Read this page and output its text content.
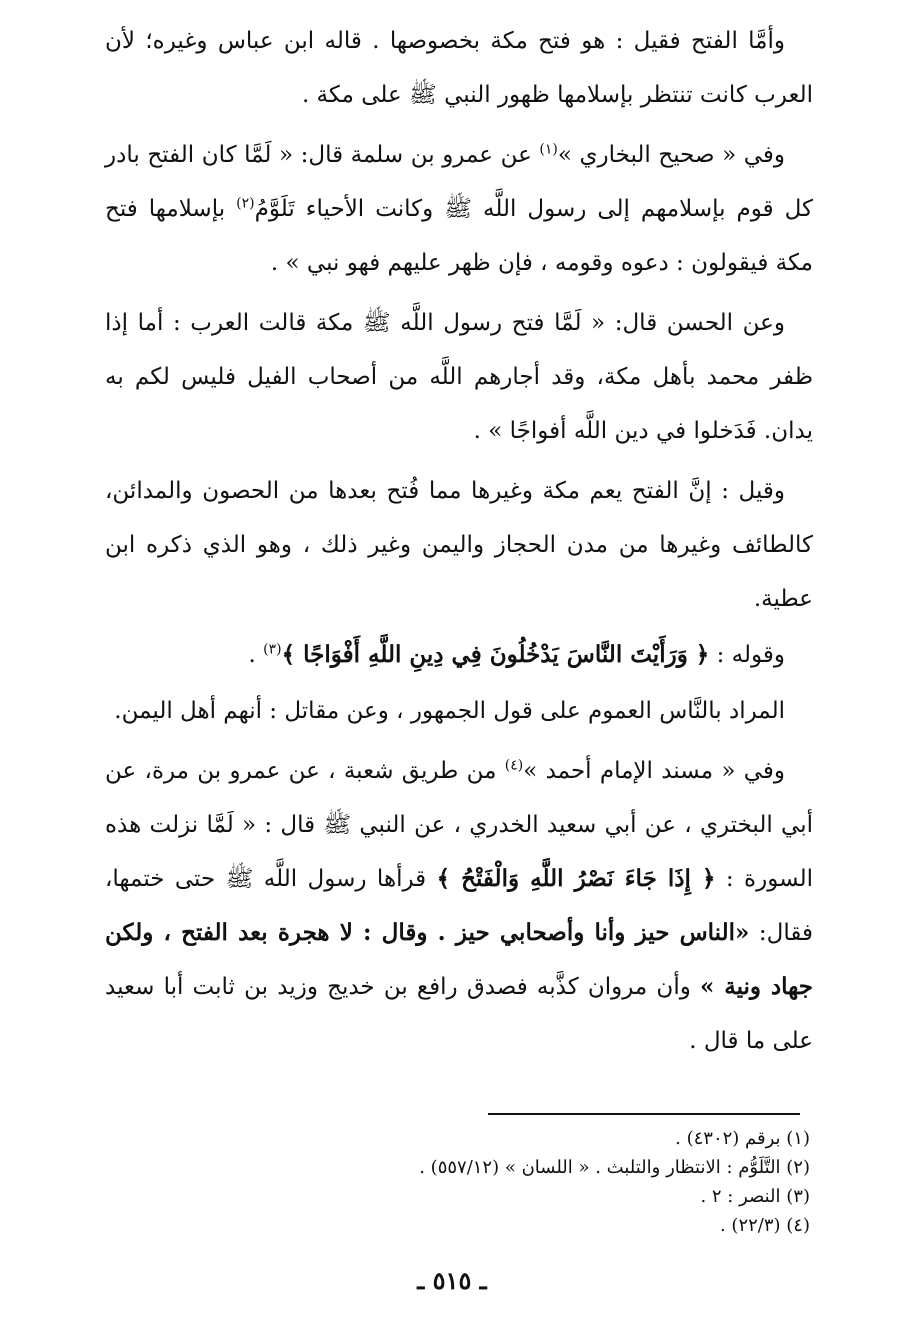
وأمَّا الفتح فقيل : هو فتح مكة بخصوصها . قاله ابن عباس وغيره؛ لأن العرب كانت تنتظر بإسلامها ظهور النبي ﷺ على مكة .

وفي « صحيح البخاري »$^{(١)}$ عن عمرو بن سلمة قال: « لَمَّا كان الفتح بادر كل قوم بإسلامهم إلى رسول اللَّه ﷺ وكانت الأحياء تَلَوَّمُ$^{(٢)}$ بإسلامها فتح مكة فيقولون : دعوه وقومه ، فإن ظهر عليهم فهو نبي » .

وعن الحسن قال: « لَمَّا فتح رسول اللَّه ﷺ مكة قالت العرب : أما إذا ظفر محمد بأهل مكة، وقد أجارهم اللَّه من أصحاب الفيل فليس لكم به يدان. فَدَخلوا في دين اللَّه أفواجًا » .

وقيل : إنَّ الفتح يعم مكة وغيرها مما فُتح بعدها من الحصون والمدائن، كالطائف وغيرها من مدن الحجاز واليمن وغير ذلك ، وهو الذي ذكره ابن عطية.

وقوله : ﴿ وَرَأَيْتَ النَّاسَ يَدْخُلُونَ فِي دِينِ اللَّهِ أَفْوَاجًا ﴾$^{(٣)}$ .

المراد بالنَّاس العموم على قول الجمهور ، وعن مقاتل : أنهم أهل اليمن.

وفي « مسند الإمام أحمد »$^{(٤)}$ من طريق شعبة ، عن عمرو بن مرة، عن أبي البختري ، عن أبي سعيد الخدري ، عن النبي ﷺ قال : « لَمَّا نزلت هذه السورة : ﴿ إِذَا جَاءَ نَصْرُ اللَّهِ وَالْفَتْحُ ﴾ قرأها رسول اللَّه ﷺ حتى ختمها، فقال: «الناس حيز وأنا وأصحابي حيز . وقال : لا هجرة بعد الفتح ، ولكن جهاد ونية » وأن مروان كذَّبه فصدق رافع بن خديج وزيد بن ثابت أبا سعيد على ما قال .

(١) برقم (٤٣٠٢) .

(٢) التَّلَوُّم : الانتظار والتلبث . « اللسان » (٥٥٧/١٢) .

(٣) النصر : ٢ .

(٤) (٢٢/٣) .

ـ ٥١٥ ـ
